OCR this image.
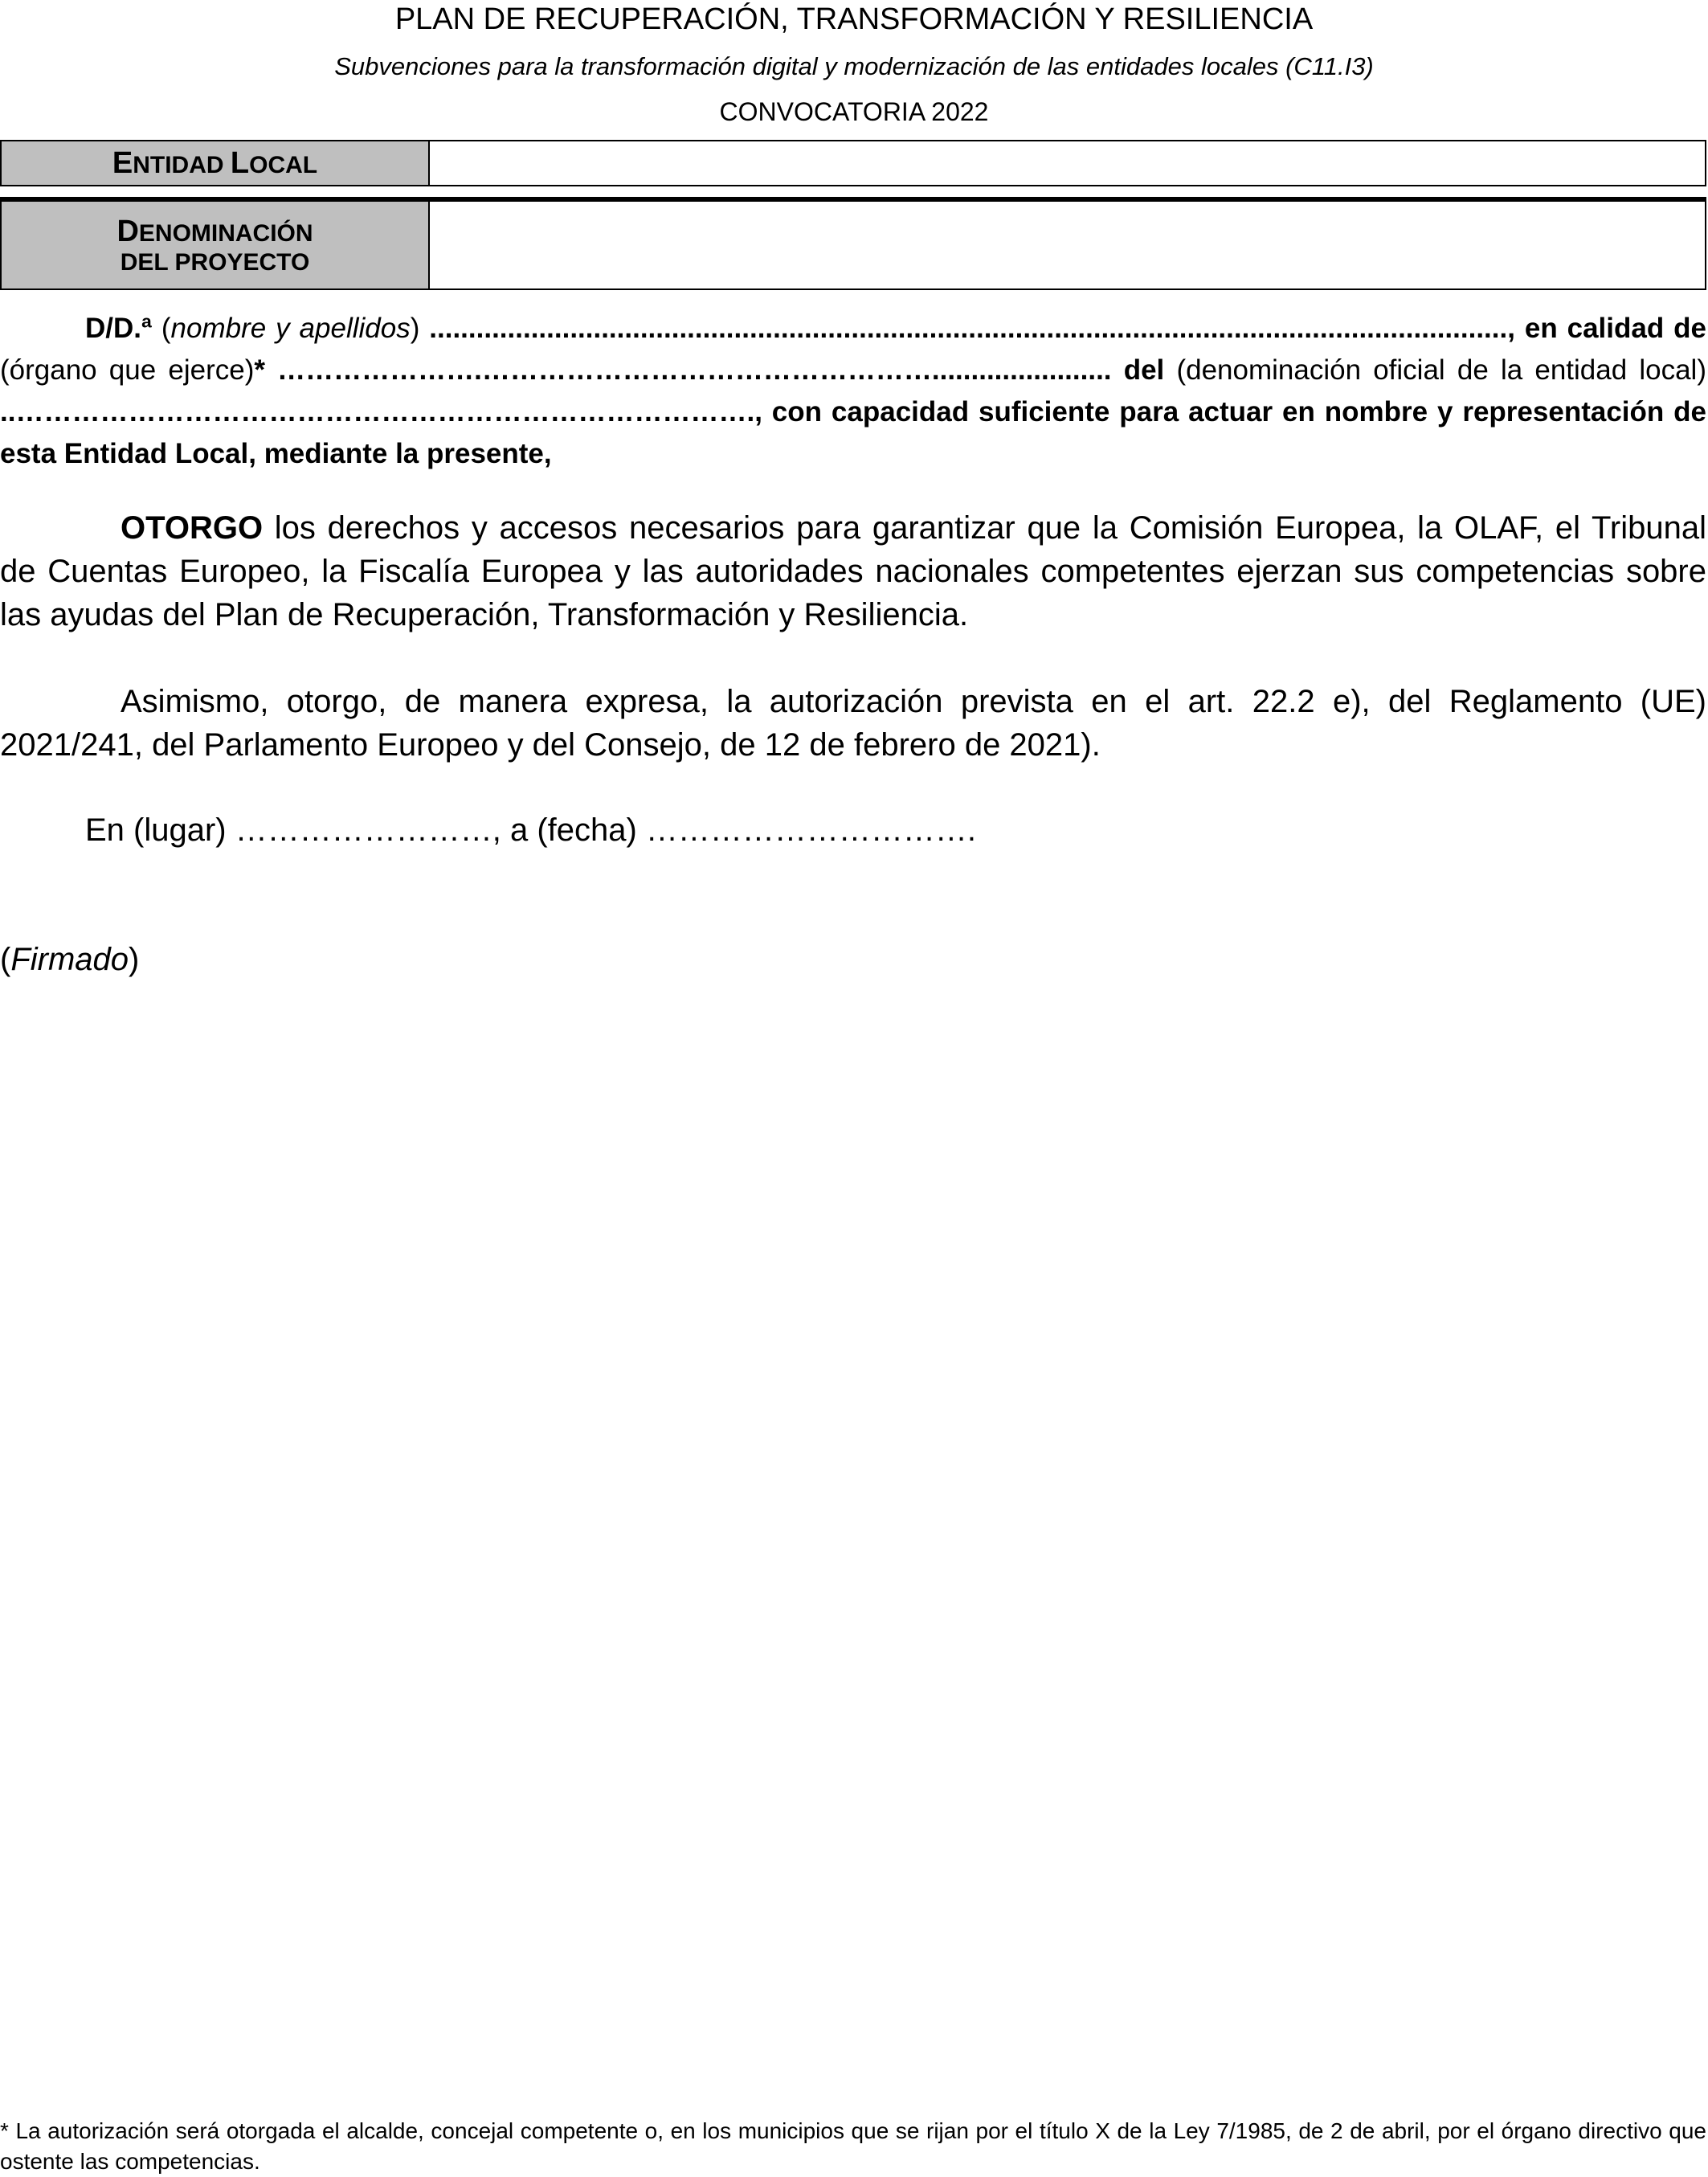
PLAN DE RECUPERACIÓN, TRANSFORMACIÓN Y RESILIENCIA
Subvenciones para la transformación digital y modernización de las entidades locales (C11.I3)
CONVOCATORIA 2022
ENTIDAD LOCAL
DENOMINACIÓN
DEL PROYECTO
D/D.ª (nombre y apellidos) .........................................................................................................................................., en calidad de (órgano que ejerce)* ………………….…………………………………………....................... del (denominación oficial de la entidad local) ..……………………………………………………………………., con capacidad suficiente para actuar en nombre y representación de esta Entidad Local, mediante la presente,
OTORGO los derechos y accesos necesarios para garantizar que la Comisión Europea, la OLAF, el Tribunal de Cuentas Europeo, la Fiscalía Europea y las autoridades nacionales competentes ejerzan sus competencias sobre las ayudas del Plan de Recuperación, Transformación y Resiliencia.
Asimismo, otorgo, de manera expresa, la autorización prevista en el art. 22.2 e), del Reglamento (UE) 2021/241, del Parlamento Europeo y del Consejo, de 12 de febrero de 2021).
En (lugar) ……………………, a (fecha) ………………………….
(Firmado)
* La autorización será otorgada el alcalde, concejal competente o, en los municipios que se rijan por el título X de la Ley 7/1985, de 2 de abril, por el órgano directivo que ostente las competencias.
